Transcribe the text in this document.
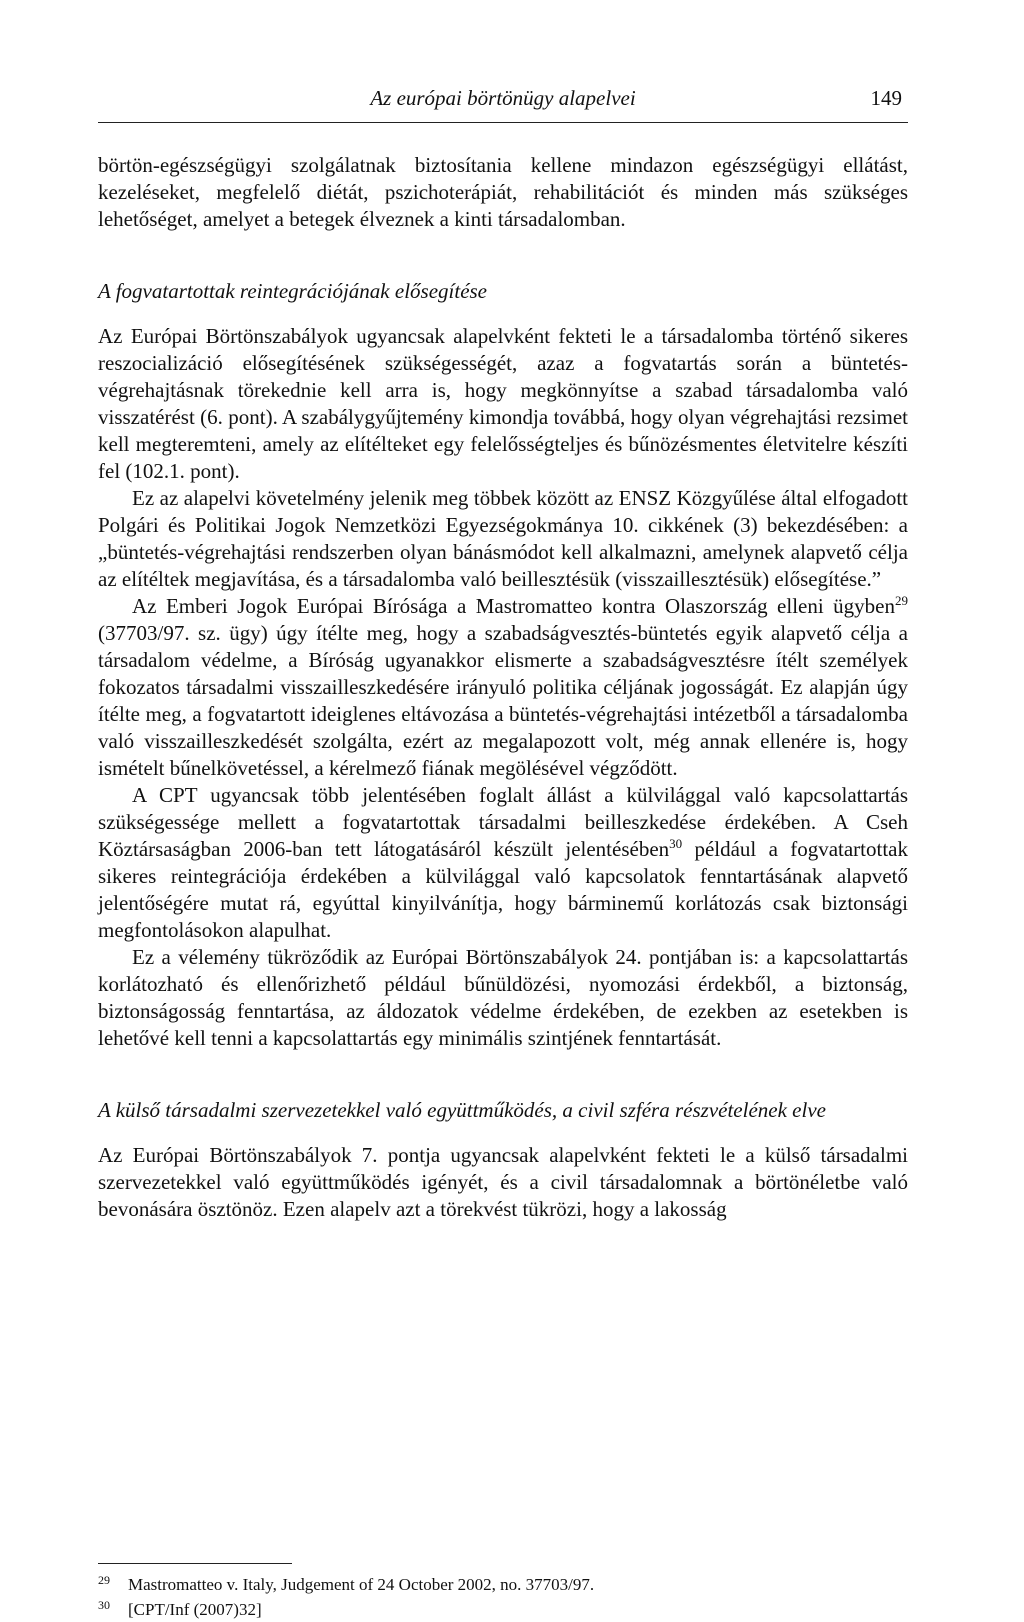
Az európai börtönügy alapelvei	149

börtön-egészségügyi szolgálatnak biztosítania kellene mindazon egészségügyi ellátást, kezeléseket, megfelelő diétát, pszichoterápiát, rehabilitációt és minden más szükséges lehetőséget, amelyet a betegek élveznek a kinti társadalomban.

A fogvatartottak reintegrációjának elősegítése

Az Európai Börtönszabályok ugyancsak alapelvként fekteti le a társadalomba történő sikeres reszocializáció elősegítésének szükségességét, azaz a fogvatartás során a büntetés-végrehajtásnak törekednie kell arra is, hogy megkönnyítse a szabad társadalomba való visszatérést (6. pont). A szabálygyűjtemény kimondja továbbá, hogy olyan végrehajtási rezsimet kell megteremteni, amely az elítélteket egy felelősségteljes és bűnözésmentes életvitelre készíti fel (102.1. pont).

Ez az alapelvi követelmény jelenik meg többek között az ENSZ Közgyűlése által elfogadott Polgári és Politikai Jogok Nemzetközi Egyezségokmánya 10. cikkének (3) bekezdésében: a „büntetés-végrehajtási rendszerben olyan bánásmódot kell alkalmazni, amelynek alapvető célja az elítéltek megjavítása, és a társadalomba való beillesztésük (visszaillesztésük) elősegítése.”

Az Emberi Jogok Európai Bírósága a Mastromatteo kontra Olaszország elleni ügyben$^{29}$ (37703/97. sz. ügy) úgy ítélte meg, hogy a szabadságvesztés-büntetés egyik alapvető célja a társadalom védelme, a Bíróság ugyanakkor elismerte a szabadságvesztésre ítélt személyek fokozatos társadalmi visszailleszkedésére irányuló politika céljának jogosságát. Ez alapján úgy ítélte meg, a fogvatartott ideiglenes eltávozása a büntetés-végrehajtási intézetből a társadalomba való visszailleszkedését szolgálta, ezért az megalapozott volt, még annak ellenére is, hogy ismételt bűnelkövetéssel, a kérelmező fiának megölésével végződött.

A CPT ugyancsak több jelentésében foglalt állást a külvilággal való kapcsolattartás szükségessége mellett a fogvatartottak társadalmi beilleszkedése érdekében. A Cseh Köztársaságban 2006-ban tett látogatásáról készült jelentésében$^{30}$ például a fogvatartottak sikeres reintegrációja érdekében a külvilággal való kapcsolatok fenntartásának alapvető jelentőségére mutat rá, egyúttal kinyilvánítja, hogy bárminemű korlátozás csak biztonsági megfontolásokon alapulhat.

Ez a vélemény tükröződik az Európai Börtönszabályok 24. pontjában is: a kapcsolattartás korlátozható és ellenőrizhető például bűnüldözési, nyomozási érdekből, a biztonság, biztonságosság fenntartása, az áldozatok védelme érdekében, de ezekben az esetekben is lehetővé kell tenni a kapcsolattartás egy minimális szintjének fenntartását.

A külső társadalmi szervezetekkel való együttműködés, a civil szféra részvételének elve

Az Európai Börtönszabályok 7. pontja ugyancsak alapelvként fekteti le a külső társadalmi szervezetekkel való együttműködés igényét, és a civil társadalomnak a börtönéletbe való bevonására ösztönöz. Ezen alapelv azt a törekvést tükrözi, hogy a lakosság

29 Mastromatteo v. Italy, Judgement of 24 October 2002, no. 37703/97.
30 [CPT/Inf (2007)32]
